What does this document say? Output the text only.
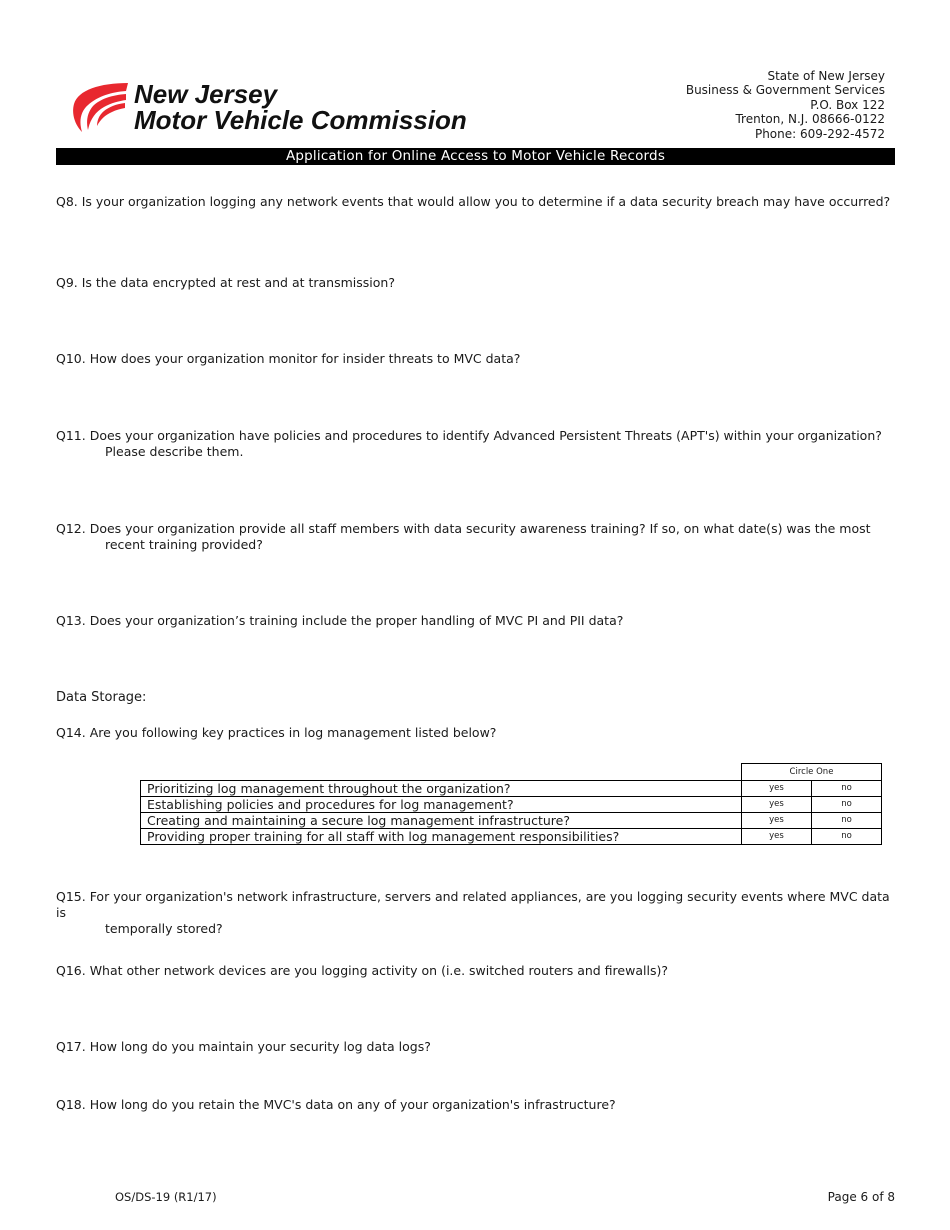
New Jersey
Motor Vehicle Commission
State of New Jersey
Business & Government Services
P.O. Box 122
Trenton, N.J. 08666-0122
Phone: 609-292-4572
Application for Online Access to Motor Vehicle Records
Q8. Is your organization logging any network events that would allow you to determine if a data security breach may have occurred?
Q9. Is the data encrypted at rest and at transmission?
Q10. How does your organization monitor for insider threats to MVC data?
Q11. Does your organization have policies and procedures to identify Advanced Persistent Threats (APT's) within your organization?
Please describe them.
Q12. Does your organization provide all staff members with data security awareness training? If so, on what date(s) was the most
recent training provided?
Q13. Does your organization’s training include the proper handling of MVC PI and PII data?
Data Storage:
Q14. Are you following key practices in log management listed below?
	Circle One	
Prioritizing log management throughout the organization?	yes	no
Establishing policies and procedures for log management?	yes	no
Creating and maintaining a secure log management infrastructure?	yes	no
Providing proper training for all staff with log management responsibilities?	yes	no
Q15. For your organization's network infrastructure, servers and related appliances, are you logging security events where MVC data is
temporally stored?
Q16. What other network devices are you logging activity on (i.e. switched routers and firewalls)?
Q17. How long do you maintain your security log data logs?
Q18. How long do you retain the MVC's data on any of your organization's infrastructure?
OS/DS-19 (R1/17)	Page 6 of 8
